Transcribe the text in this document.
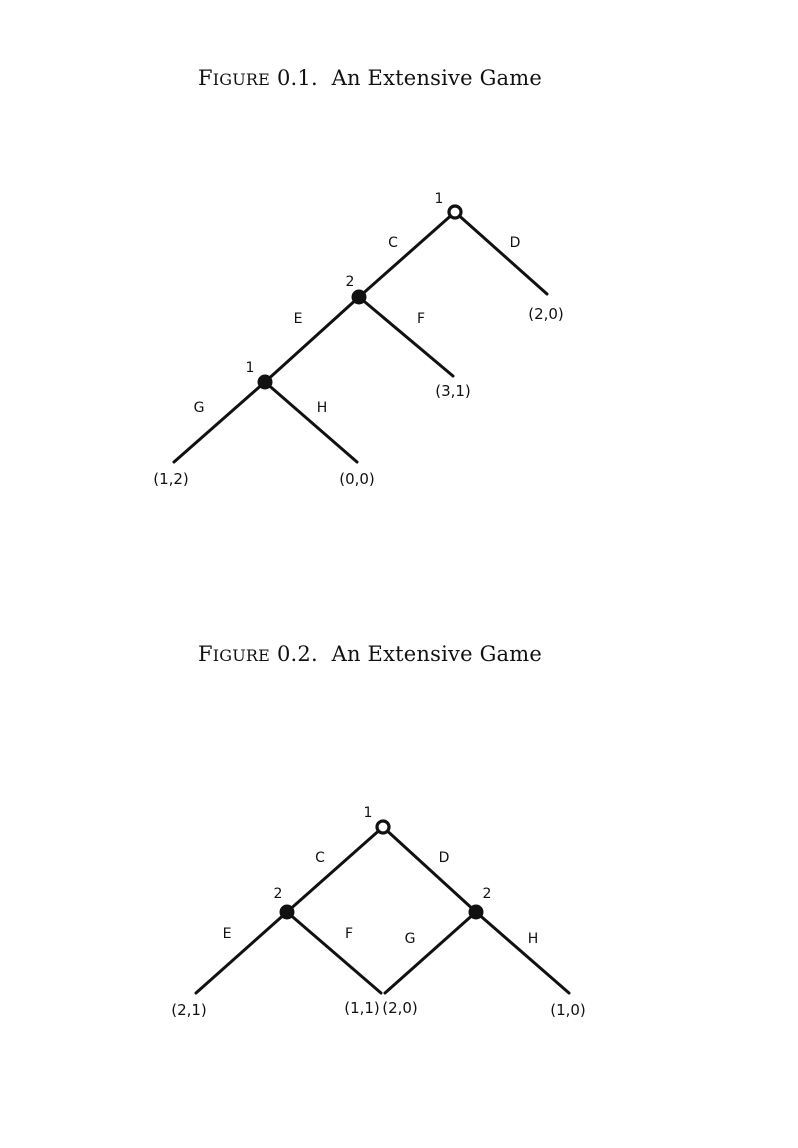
FIGURE 0.1. An Extensive Game
1
2
1
C	D
E	F
G	H
(2,0)
(3,1)
(1,2)	(0,0)
FIGURE 0.2. An Extensive Game
1
2	2
C	D
E	F	G	H
(2,1)	(1,1) (2,0)	(1,0)
